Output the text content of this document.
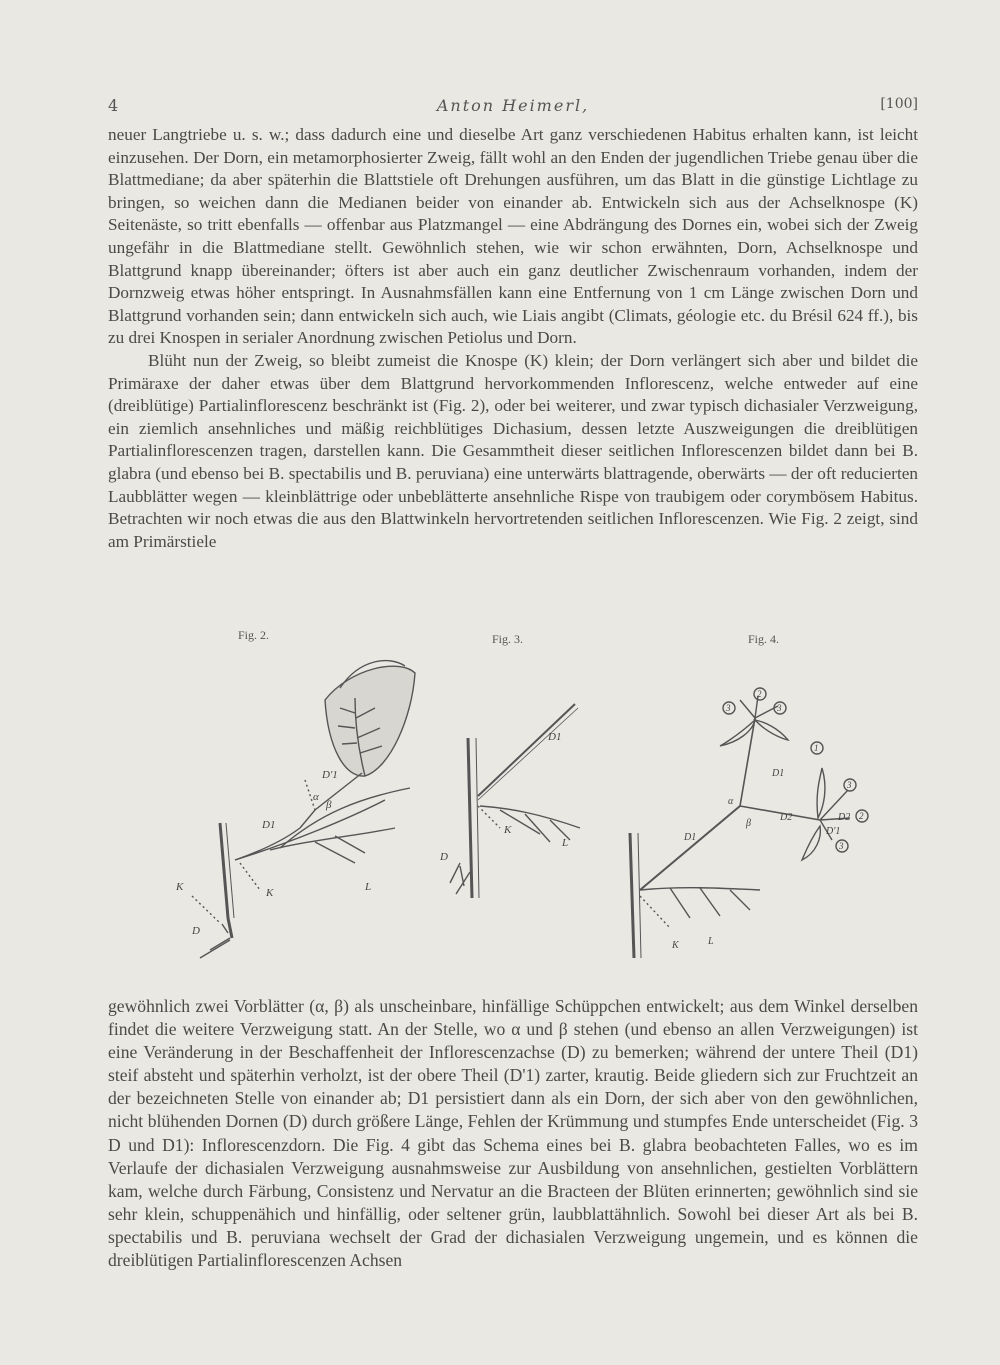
4	Anton Heimerl,	[100]

neuer Langtriebe u. s. w.; dass dadurch eine und dieselbe Art ganz verschiedenen Habitus erhalten kann, ist leicht einzusehen. Der Dorn, ein metamorphosierter Zweig, fällt wohl an den Enden der jugendlichen Triebe genau über die Blattmediane; da aber späterhin die Blattstiele oft Drehungen ausführen, um das Blatt in die günstige Lichtlage zu bringen, so weichen dann die Medianen beider von einander ab. Entwickeln sich aus der Achselknospe (K) Seitenäste, so tritt ebenfalls — offenbar aus Platzmangel — eine Abdrängung des Dornes ein, wobei sich der Zweig ungefähr in die Blattmediane stellt. Gewöhnlich stehen, wie wir schon erwähnten, Dorn, Achselknospe und Blattgrund knapp übereinander; öfters ist aber auch ein ganz deutlicher Zwischenraum vorhanden, indem der Dornzweig etwas höher entspringt. In Ausnahmsfällen kann eine Entfernung von 1 cm Länge zwischen Dorn und Blattgrund vorhanden sein; dann entwickeln sich auch, wie Liais angibt (Climats, géologie etc. du Brésil 624 ff.), bis zu drei Knospen in serialer Anordnung zwischen Petiolus und Dorn.

Blüht nun der Zweig, so bleibt zumeist die Knospe (K) klein; der Dorn verlängert sich aber und bildet die Primäraxe der daher etwas über dem Blattgrund hervorkommenden Inflorescenz, welche entweder auf eine (dreiblütige) Partialinflorescenz beschränkt ist (Fig. 2), oder bei weiterer, und zwar typisch dichasialer Verzweigung, ein ziemlich ansehnliches und mäßig reichblütiges Dichasium, dessen letzte Auszweigungen die dreiblütigen Partialinflorescenzen tragen, darstellen kann. Die Gesammtheit dieser seitlichen Inflorescenzen bildet dann bei B. glabra (und ebenso bei B. spectabilis und B. peruviana) eine unterwärts blattragende, oberwärts — der oft reducierten Laubblätter wegen — kleinblättrige oder unbeblätterte ansehnliche Rispe von traubigem oder corymbösem Habitus. Betrachten wir noch etwas die aus den Blattwinkeln hervortretenden seitlichen Inflorescenzen. Wie Fig. 2 zeigt, sind am Primärstiele

Fig. 2.
D'1
α
β
D1
K	K	L
D
Fig. 3.
D1
K
L
D
Fig. 4.
2
3	3
1
3
2
3
D1
α
β
D2	D2
D'1
D1
K	L

gewöhnlich zwei Vorblätter (α, β) als unscheinbare, hinfällige Schüppchen entwickelt; aus dem Winkel derselben findet die weitere Verzweigung statt. An der Stelle, wo α und β stehen (und ebenso an allen Verzweigungen) ist eine Veränderung in der Beschaffenheit der Inflorescenzachse (D) zu bemerken; während der untere Theil (D1) steif absteht und späterhin verholzt, ist der obere Theil (D'1) zarter, krautig. Beide gliedern sich zur Fruchtzeit an der bezeichneten Stelle von einander ab; D1 persistiert dann als ein Dorn, der sich aber von den gewöhnlichen, nicht blühenden Dornen (D) durch größere Länge, Fehlen der Krümmung und stumpfes Ende unterscheidet (Fig. 3 D und D1): Inflorescenzdorn. Die Fig. 4 gibt das Schema eines bei B. glabra beobachteten Falles, wo es im Verlaufe der dichasialen Verzweigung ausnahmsweise zur Ausbildung von ansehnlichen, gestielten Vorblättern kam, welche durch Färbung, Consistenz und Nervatur an die Bracteen der Blüten erinnerten; gewöhnlich sind sie sehr klein, schuppenähich und hinfällig, oder seltener grün, laubblattähnlich. Sowohl bei dieser Art als bei B. spectabilis und B. peruviana wechselt der Grad der dichasialen Verzweigung ungemein, und es können die dreiblütigen Partialinflorescenzen Achsen
